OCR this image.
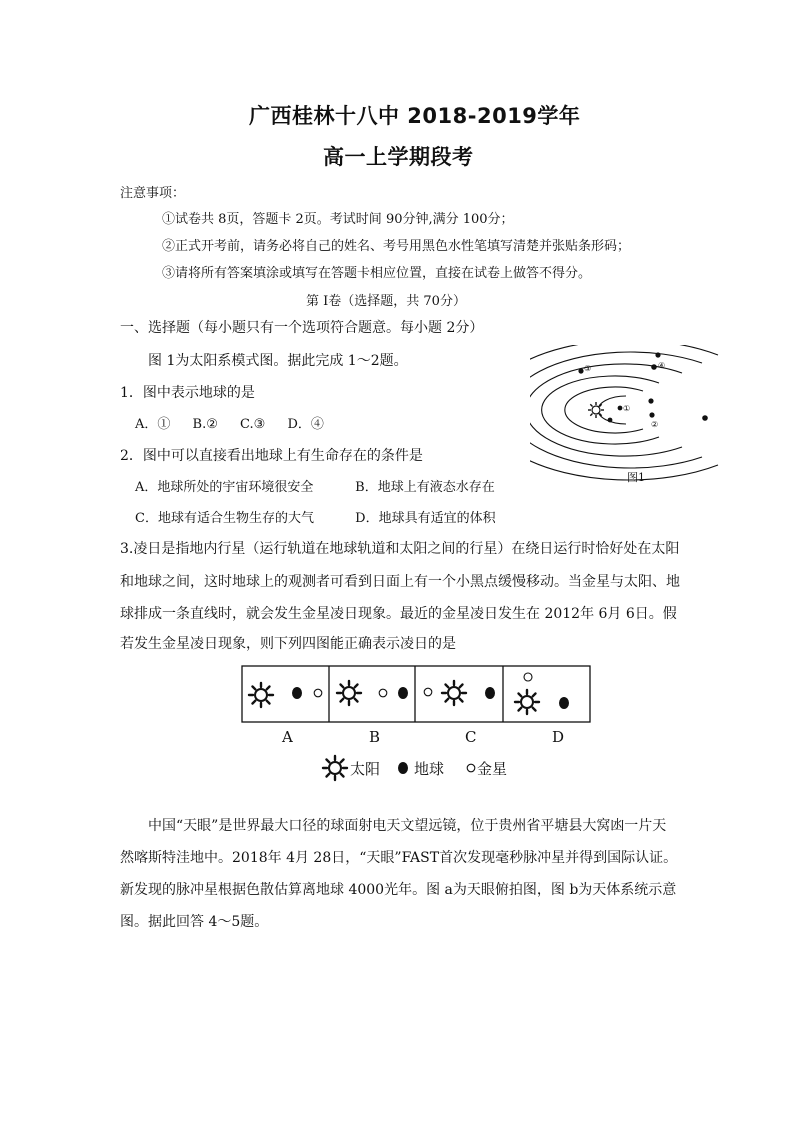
广西桂林十八中 2018-2019学年
高一上学期段考
注意事项：
①试卷共 8页，答题卡 2页。考试时间 90分钟,满分 100分；
②正式开考前，请务必将自己的姓名、考号用黑色水性笔填写清楚并张贴条形码；
③请将所有答案填涂或填写在答题卡相应位置，直接在试卷上做答不得分。
第 I卷（选择题，共 70分）
一、选择题（每小题只有一个选项符合题意。每小题 2分）
图 1为太阳系模式图。据此完成 1～2题。
1．图中表示地球的是
A．① B.② C.③ D．④
2．图中可以直接看出地球上有生命存在的条件是
A．地球所处的宇宙环境很安全	B．地球上有液态水存在
C．地球有适合生物生存的大气	D．地球具有适宜的体积
①
②
③	④
图1
3.凌日是指地内行星（运行轨道在地球轨道和太阳之间的行星）在绕日运行时恰好处在太阳
和地球之间，这时地球上的观测者可看到日面上有一个小黑点缓慢移动。当金星与太阳、地
球排成一条直线时，就会发生金星凌日现象。最近的金星凌日发生在 2012年 6月 6日。假
若发生金星凌日现象，则下列四图能正确表示凌日的是
A	B	C	D
太阳 地球 金星
中国“天眼”是世界最大口径的球面射电天文望远镜，位于贵州省平塘县大窝凼一片天
然喀斯特洼地中。2018年 4月 28日，“天眼”FAST首次发现毫秒脉冲星并得到国际认证。
新发现的脉冲星根据色散估算离地球 4000光年。图 a为天眼俯拍图，图 b为天体系统示意
图。据此回答 4～5题。
